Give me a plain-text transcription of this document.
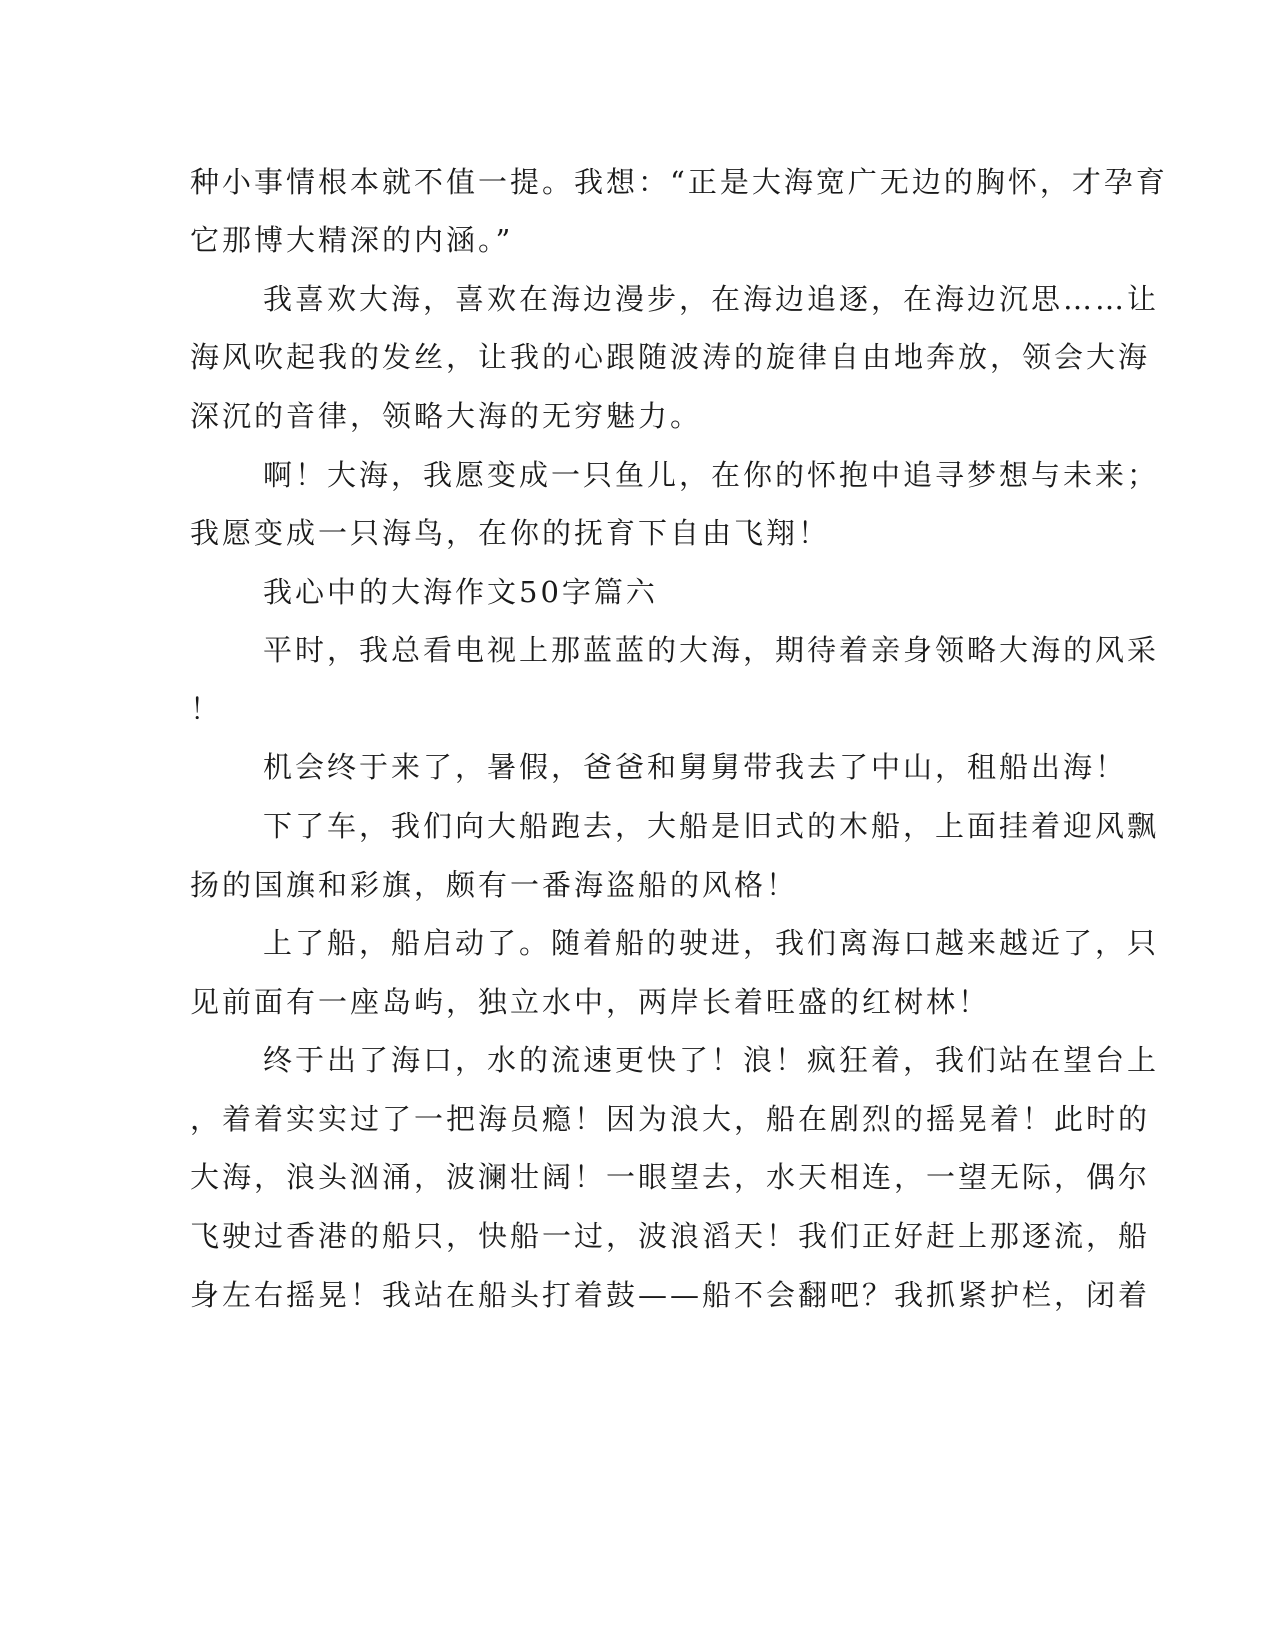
种小事情根本就不值一提。我想：“正是大海宽广无边的胸怀，才孕育
它那博大精深的内涵。”
我喜欢大海，喜欢在海边漫步，在海边追逐，在海边沉思……让
海风吹起我的发丝，让我的心跟随波涛的旋律自由地奔放，领会大海
深沉的音律，领略大海的无穷魅力。
啊！大海，我愿变成一只鱼儿，在你的怀抱中追寻梦想与未来；
我愿变成一只海鸟，在你的抚育下自由飞翔！
我心中的大海作文50字篇六
平时，我总看电视上那蓝蓝的大海，期待着亲身领略大海的风采
！
机会终于来了，暑假，爸爸和舅舅带我去了中山，租船出海！
下了车，我们向大船跑去，大船是旧式的木船，上面挂着迎风飘
扬的国旗和彩旗，颇有一番海盗船的风格！
上了船，船启动了。随着船的驶进，我们离海口越来越近了，只
见前面有一座岛屿，独立水中，两岸长着旺盛的红树林！
终于出了海口，水的流速更快了！浪！疯狂着，我们站在望台上
，着着实实过了一把海员瘾！因为浪大，船在剧烈的摇晃着！此时的
大海，浪头汹涌，波澜壮阔！一眼望去，水天相连，一望无际，偶尔
飞驶过香港的船只，快船一过，波浪滔天！我们正好赶上那逐流，船
身左右摇晃！我站在船头打着鼓——船不会翻吧？我抓紧护栏，闭着
